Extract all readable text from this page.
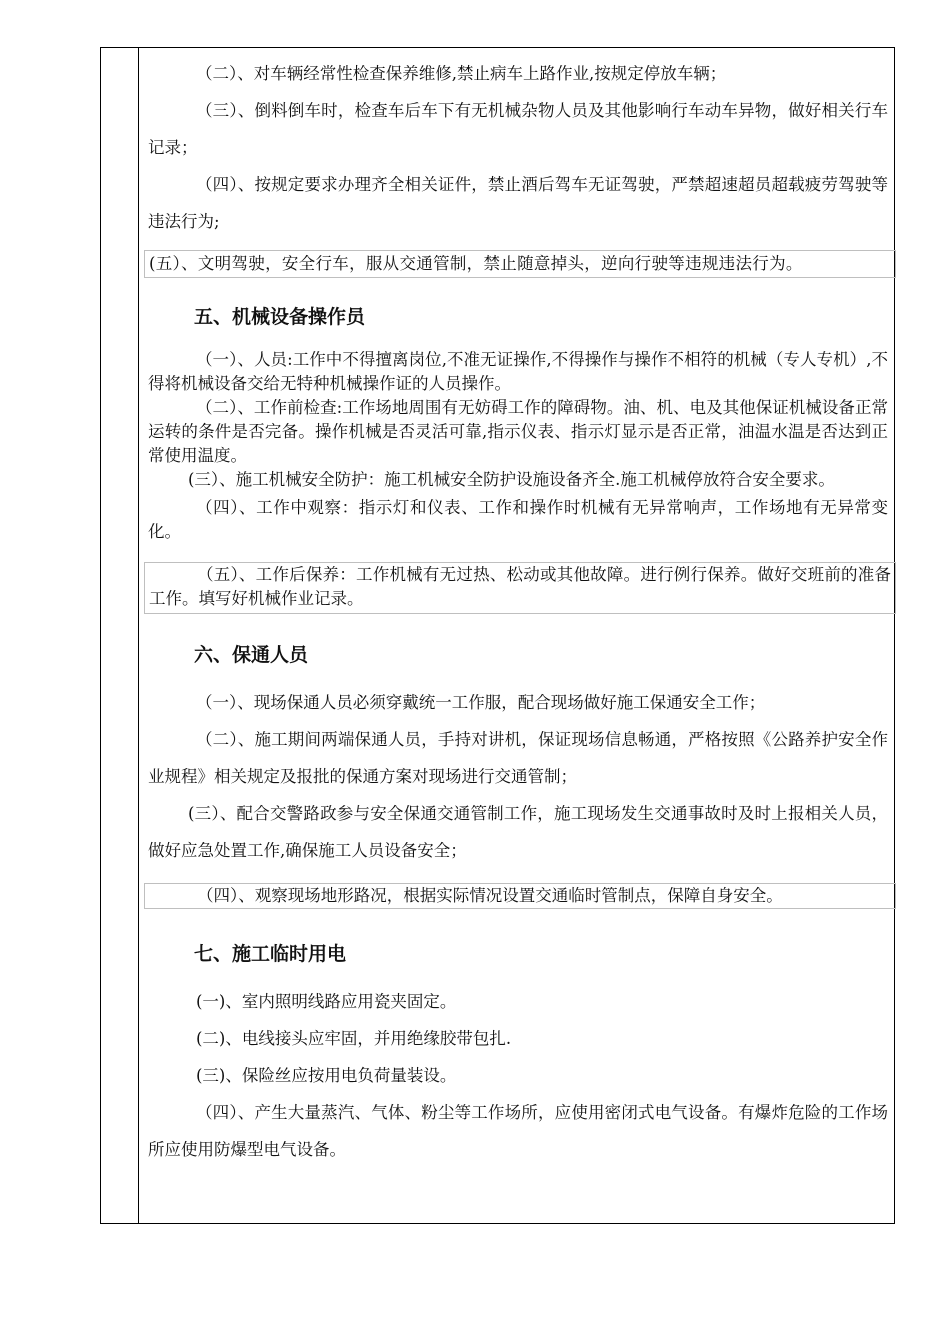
（二）、对车辆经常性检查保养维修,禁止病车上路作业,按规定停放车辆；

（三）、倒料倒车时，检查车后车下有无机械杂物人员及其他影响行车动车异物，做好相关行车记录；

（四）、按规定要求办理齐全相关证件，禁止酒后驾车无证驾驶，严禁超速超员超载疲劳驾驶等违法行为;

(五）、文明驾驶，安全行车，服从交通管制，禁止随意掉头，逆向行驶等违规违法行为。

五、机械设备操作员

（一）、人员:工作中不得擅离岗位,不准无证操作,不得操作与操作不相符的机械（专人专机）,不得将机械设备交给无特种机械操作证的人员操作。

（二）、工作前检查:工作场地周围有无妨碍工作的障碍物。油、机、电及其他保证机械设备正常运转的条件是否完备。操作机械是否灵活可靠,指示仪表、指示灯显示是否正常，油温水温是否达到正常使用温度。

(三）、施工机械安全防护：施工机械安全防护设施设备齐全.施工机械停放符合安全要求。

（四）、工作中观察：指示灯和仪表、工作和操作时机械有无异常响声，工作场地有无异常变化。

（五）、工作后保养：工作机械有无过热、松动或其他故障。进行例行保养。做好交班前的准备工作。填写好机械作业记录。

六、保通人员

（一）、现场保通人员必须穿戴统一工作服，配合现场做好施工保通安全工作；

（二）、施工期间两端保通人员，手持对讲机，保证现场信息畅通，严格按照《公路养护安全作业规程》相关规定及报批的保通方案对现场进行交通管制；

(三）、配合交警路政参与安全保通交通管制工作，施工现场发生交通事故时及时上报相关人员，做好应急处置工作,确保施工人员设备安全；

（四）、观察现场地形路况，根据实际情况设置交通临时管制点，保障自身安全。

七、施工临时用电

(一)、室内照明线路应用瓷夹固定。

(二)、电线接头应牢固，并用绝缘胶带包扎.

(三)、保险丝应按用电负荷量装设。

（四）、产生大量蒸汽、气体、粉尘等工作场所，应使用密闭式电气设备。有爆炸危险的工作场所应使用防爆型电气设备。
